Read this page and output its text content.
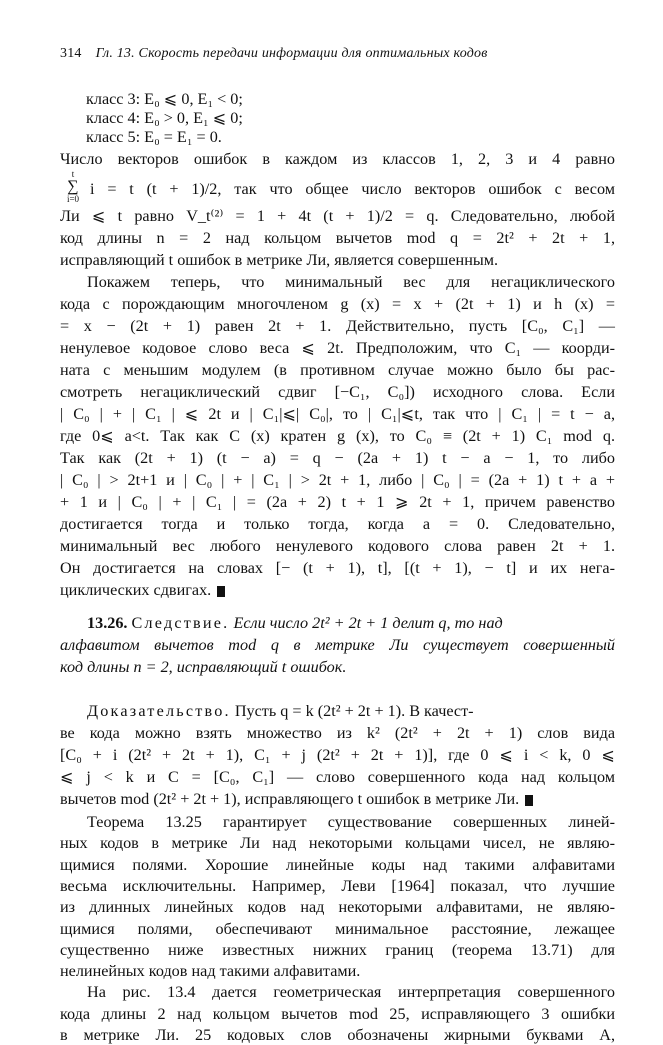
314 Гл. 13. Скорость передачи информации для оптимальных кодов
класс 3: E₀ ⩽ 0, E₁ < 0;
класс 4: E₀ > 0, E₁ ⩽ 0;
класс 5: E₀ = E₁ = 0.
Число векторов ошибок в каждом из классов 1, 2, 3 и 4 равно
t
∑
i=0
i = t (t + 1)/2, так что общее число векторов ошибок с весом
Ли ⩽ t равно V_t⁽²⁾ = 1 + 4t (t + 1)/2 = q. Следовательно, любой
код длины n = 2 над кольцом вычетов mod q = 2t² + 2t + 1,
исправляющий t ошибок в метрике Ли, является совершенным.
Покажем теперь, что минимальный вес для негациклического
кода с порождающим многочленом g (x) = x + (2t + 1) и h (x) =
= x − (2t + 1) равен 2t + 1. Действительно, пусть [C₀, C₁] —
ненулевое кодовое слово веса ⩽ 2t. Предположим, что C₁ — коорди-
ната с меньшим модулем (в противном случае можно было бы рас-
смотреть негациклический сдвиг [−C₁, C₀]) исходного слова. Если
| C₀ | + | C₁ | ⩽ 2t и | C₁|⩽| C₀|, то | C₁|⩽t, так что | C₁ | = t − a,
где 0⩽ a<t. Так как C (x) кратен g (x), то C₀ ≡ (2t + 1) C₁ mod q.
Так как (2t + 1) (t − a) = q − (2a + 1) t − a − 1, то либо
| C₀ | > 2t+1 и | C₀ | + | C₁ | > 2t + 1, либо | C₀ | = (2a + 1) t + a +
+ 1 и | C₀ | + | C₁ | = (2a + 2) t + 1 ⩾ 2t + 1, причем равенство
достигается тогда и только тогда, когда a = 0. Следовательно,
минимальный вес любого ненулевого кодового слова равен 2t + 1.
Он достигается на словах [− (t + 1), t], [(t + 1), − t] и их нега-
циклических сдвигах.
13.26. Следствие. Если число 2t² + 2t + 1 делит q, то над
алфавитом вычетов mod q в метрике Ли существует совершенный
код длины n = 2, исправляющий t ошибок.
Доказательство. Пусть q = k (2t² + 2t + 1). В качест-
ве кода можно взять множество из k² (2t² + 2t + 1) слов вида
[C₀ + i (2t² + 2t + 1), C₁ + j (2t² + 2t + 1)], где 0 ⩽ i < k, 0 ⩽
⩽ j < k и C = [C₀, C₁] — слово совершенного кода над кольцом
вычетов mod (2t² + 2t + 1), исправляющего t ошибок в метрике Ли.
Теорема 13.25 гарантирует существование совершенных линей-
ных кодов в метрике Ли над некоторыми кольцами чисел, не являю-
щимися полями. Хорошие линейные коды над такими алфавитами
весьма исключительны. Например, Леви [1964] показал, что лучшие
из длинных линейных кодов над некоторыми алфавитами, не являю-
щимися полями, обеспечивают минимальное расстояние, лежащее
существенно ниже известных нижних границ (теорема 13.71) для
нелинейных кодов над такими алфавитами.
На рис. 13.4 дается геометрическая интерпретация совершенного
кода длины 2 над кольцом вычетов mod 25, исправляющего 3 ошибки
в метрике Ли. 25 кодовых слов обозначены жирными буквами A,
